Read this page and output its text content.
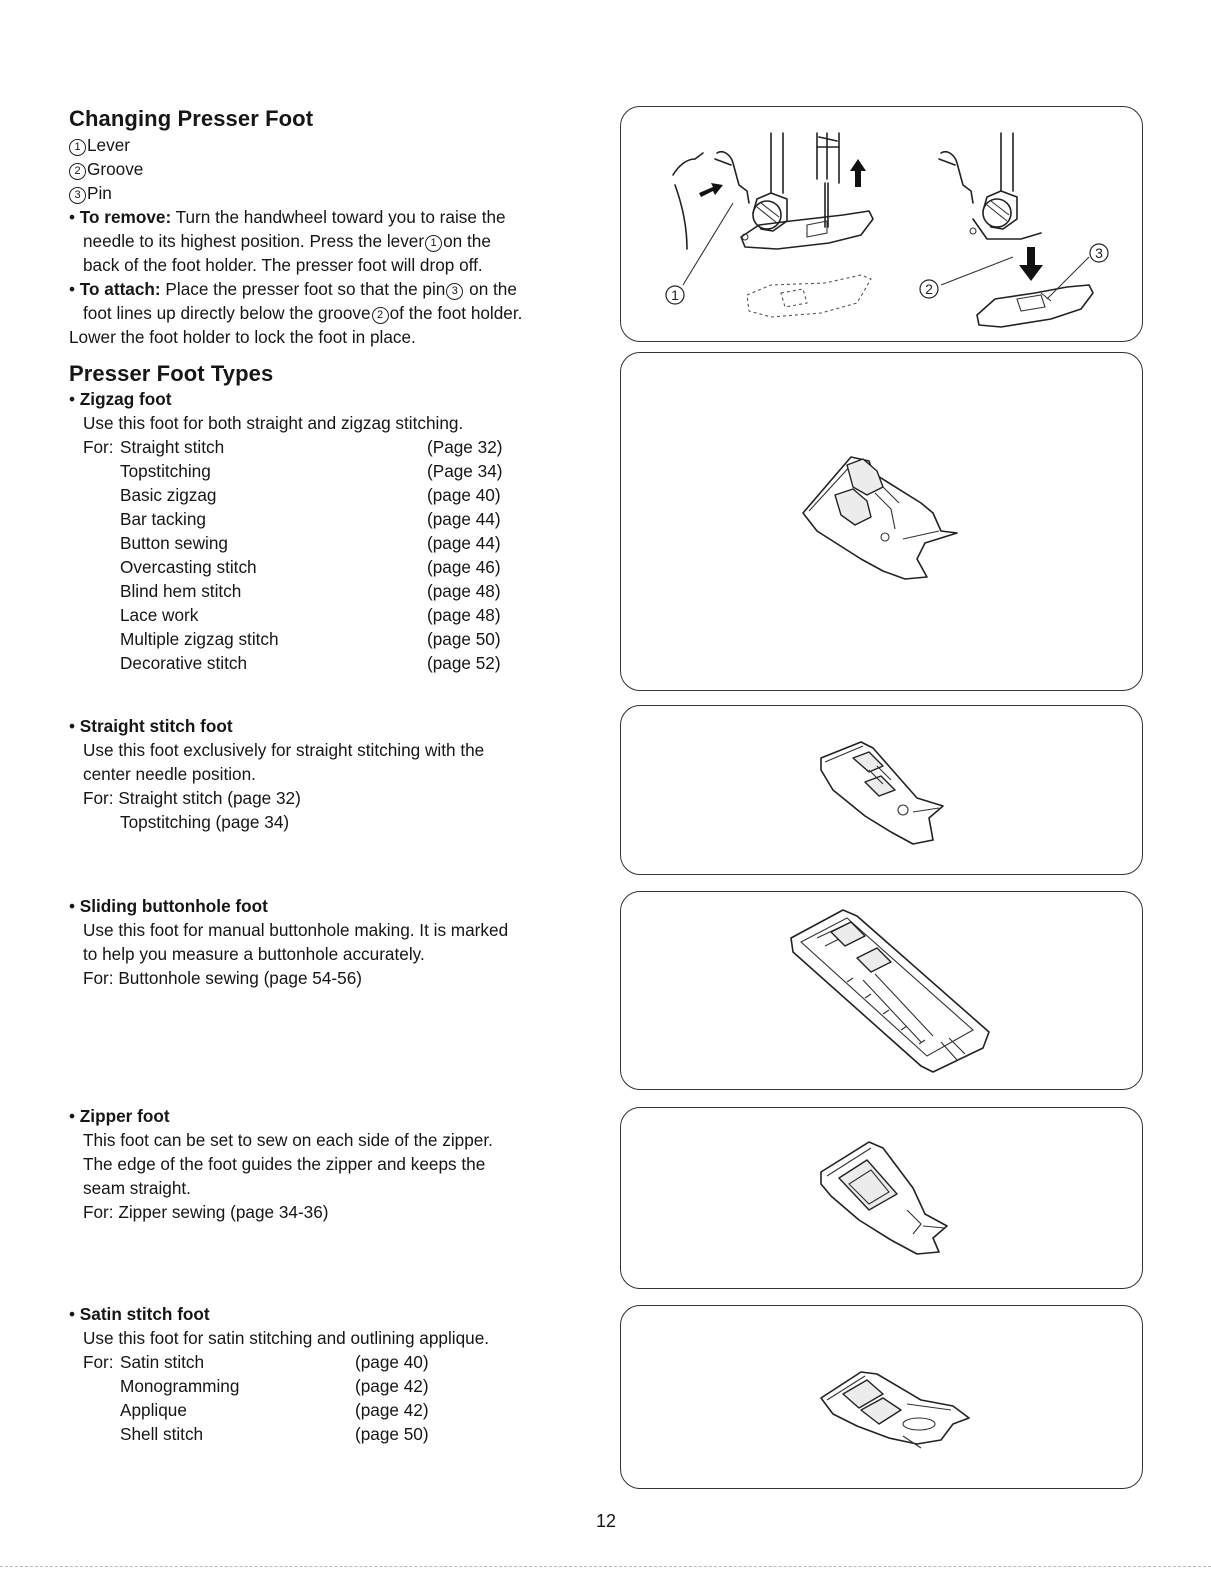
Changing Presser Foot
1 Lever
2 Groove
3 Pin
• To remove: Turn the handwheel toward you to raise the
needle to its highest position. Press the lever 1 on the
back of the foot holder. The presser foot will drop off.
• To attach: Place the presser foot so that the pin 3 on the
foot lines up directly below the groove 2 of the foot holder.
Lower the foot holder to lock the foot in place.
1	2
3
Presser Foot Types
• Zigzag foot
Use this foot for both straight and zigzag stitching.
For: Straight stitch	(Page 32)
Topstitching	(Page 34)
Basic zigzag	(page 40)
Bar tacking	(page 44)
Button sewing	(page 44)
Overcasting stitch	(page 46)
Blind hem stitch	(page 48)
Lace work	(page 48)
Multiple zigzag stitch	(page 50)
Decorative stitch	(page 52)
• Straight stitch foot
Use this foot exclusively for straight stitching with the
center needle position.
For: Straight stitch (page 32)
Topstitching (page 34)
• Sliding buttonhole foot
Use this foot for manual buttonhole making. It is marked
to help you measure a buttonhole accurately.
For: Buttonhole sewing (page 54-56)
• Zipper foot
This foot can be set to sew on each side of the zipper.
The edge of the foot guides the zipper and keeps the
seam straight.
For: Zipper sewing (page 34-36)
• Satin stitch foot
Use this foot for satin stitching and outlining applique.
For: Satin stitch	(page 40)
Monogramming	(page 42)
Applique	(page 42)
Shell stitch	(page 50)
12
